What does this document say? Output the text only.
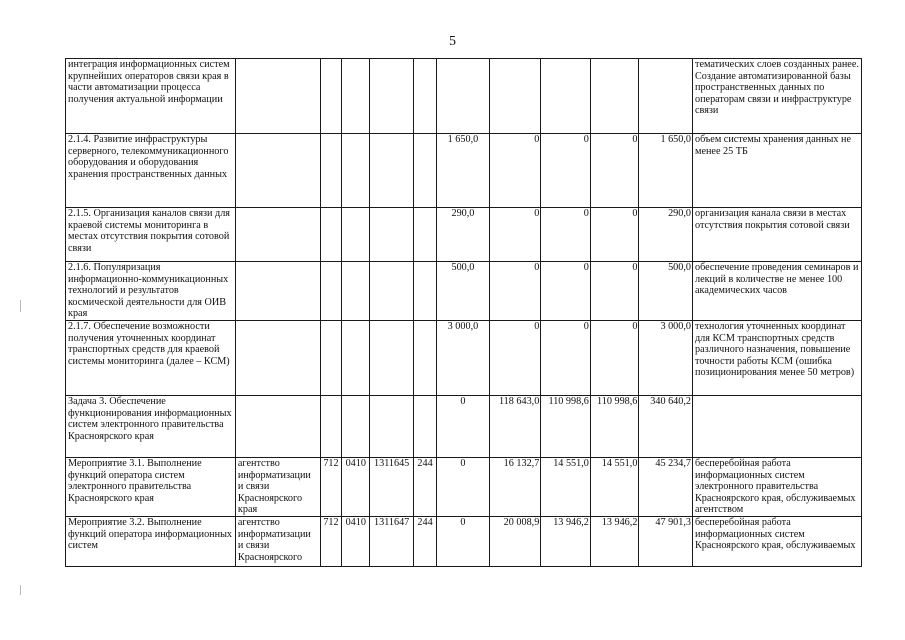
5
интеграция информационных систем крупнейших операторов связи края в части автоматизации процесса получения актуальной информации											тематических слоев созданных ранее. Создание автоматизированной базы пространственных данных по операторам связи и инфраструктуре связи
2.1.4. Развитие инфраструктуры серверного, телекоммуникационного оборудования и оборудования хранения пространственных данных						1 650,0	0	0	0	1 650,0	объем системы хранения данных не менее 25 ТБ
2.1.5. Организация каналов связи для краевой системы мониторинга в местах отсутствия покрытия сотовой связи						290,0	0	0	0	290,0	организация канала связи в местах отсутствия покрытия сотовой связи
2.1.6. Популяризация информационно-коммуникационных технологий и результатов космической деятельности для ОИВ края						500,0	0	0	0	500,0	обеспечение проведения семинаров и лекций в количестве не менее 100 академических часов
2.1.7. Обеспечение возможности получения уточненных координат транспортных средств для краевой системы мониторинга (далее – КСМ)						3 000,0	0	0	0	3 000,0	технология уточненных координат для КСМ транспортных средств различного назначения, повышение точности работы КСМ (ошибка позиционирования менее 50 метров)
Задача 3. Обеспечение функционирования информационных систем электронного правительства Красноярского края						0	118 643,0	110 998,6	110 998,6	340 640,2	
Мероприятие 3.1. Выполнение функций оператора систем электронного правительства Красноярского края	агентство информатизации и связи Красноярского края	712	0410	1311645	244	0	16 132,7	14 551,0	14 551,0	45 234,7	бесперебойная работа информационных систем электронного правительства Красноярского края, обслуживаемых агентством
Мероприятие 3.2. Выполнение функций оператора информационных систем	агентство информатизации и связи Красноярского	712	0410	1311647	244	0	20 008,9	13 946,2	13 946,2	47 901,3	бесперебойная работа информационных систем Красноярского края, обслуживаемых
